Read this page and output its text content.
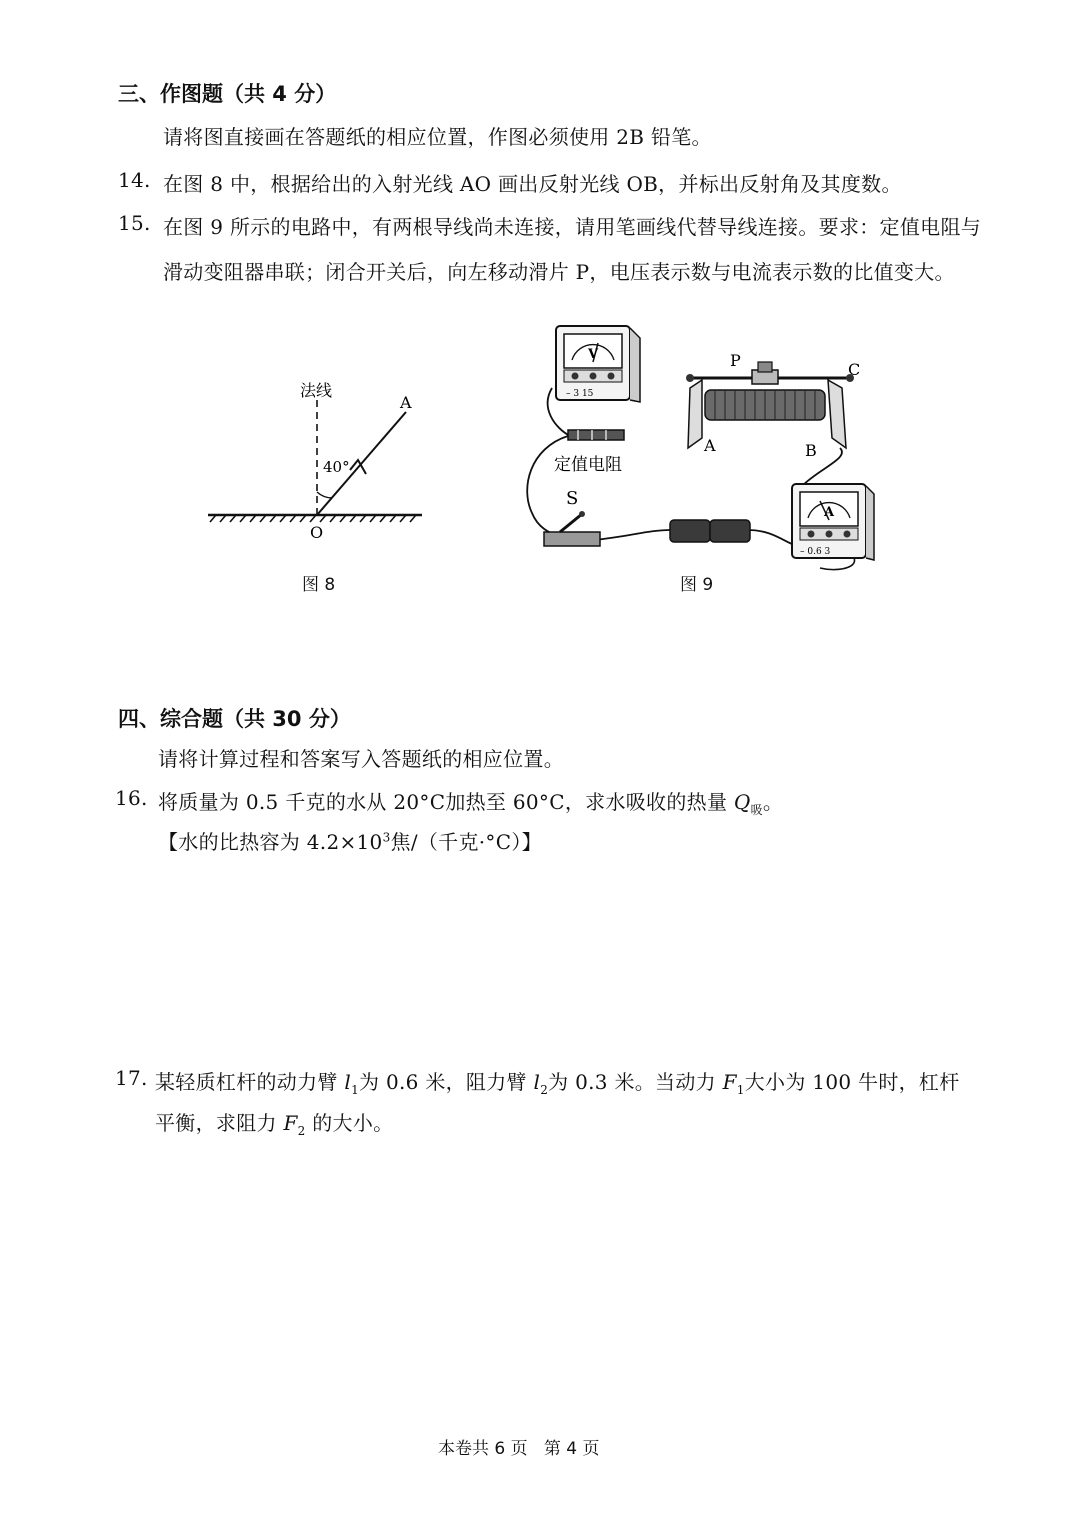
三、作图题（共 4 分）
请将图直接画在答题纸的相应位置，作图必须使用 2B 铅笔。
14. 在图 8 中，根据给出的入射光线 AO 画出反射光线 OB，并标出反射角及其度数。
15. 在图 9 所示的电路中，有两根导线尚未连接，请用笔画线代替导线连接。要求：定值电阻与
滑动变阻器串联；闭合开关后，向左移动滑片 P，电压表示数与电流表示数的比值变大。
法线
A
40°
O
图 8
V
– 3 15
定值电阻
S
P	C
A	B
A
– 0.6 3
图 9
四、综合题（共 30 分）
请将计算过程和答案写入答题纸的相应位置。
16. 将质量为 0.5 千克的水从 20°C加热至 60°C，求水吸收的热量 $Q_吸$。
【水的比热容为 $4.2\times 10^3$焦/（千克·°C）】
17. 某轻质杠杆的动力臂 $l_1$为 0.6 米，阻力臂 $l_2$为 0.3 米。当动力 $F_1$大小为 100 牛时，杠杆
平衡，求阻力 $F_2$ 的大小。
本卷共 6 页   第 4 页
